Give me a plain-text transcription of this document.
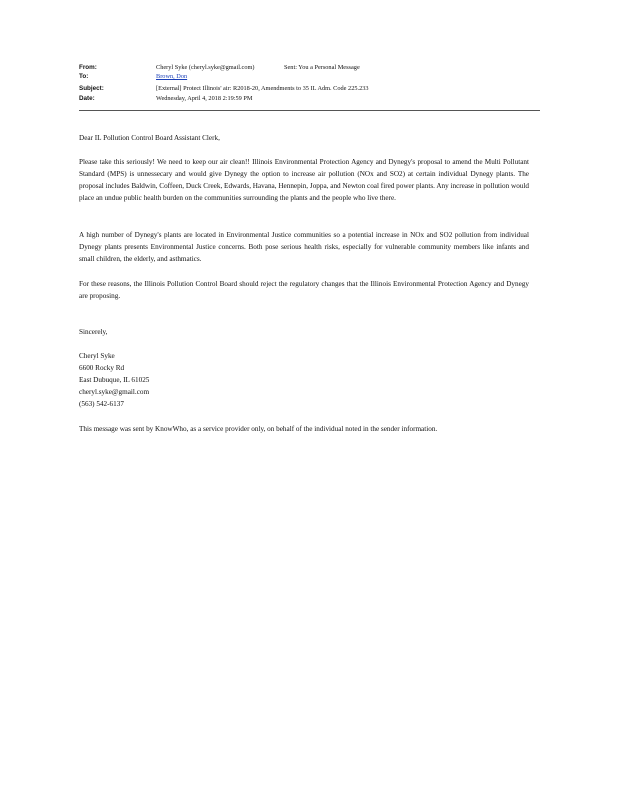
From:	Cheryl Syke (cheryl.syke@gmail.com)	Sent: You a Personal Message
To:	Brown, Don
Subject:	[External] Protect Illinois' air: R2018-20, Amendments to 35 IL Adm. Code 225.233
Date:	Wednesday, April 4, 2018 2:19:59 PM

Dear IL Pollution Control Board Assistant Clerk,

Please take this seriously! We need to keep our air clean!! Illinois Environmental Protection Agency and Dynegy's proposal to amend the Multi Pollutant Standard (MPS) is unnessecary and would give Dynegy the option to increase air pollution (NOx and SO2) at certain individual Dynegy plants. The proposal includes Baldwin, Coffeen, Duck Creek, Edwards, Havana, Hennepin, Joppa, and Newton coal fired power plants. Any increase in pollution would place an undue public health burden on the communities surrounding the plants and the people who live there.

A high number of Dynegy's plants are located in Environmental Justice communities so a potential increase in NOx and SO2 pollution from individual Dynegy plants presents Environmental Justice concerns. Both pose serious health risks, especially for vulnerable community members like infants and small children, the elderly, and asthmatics.

For these reasons, the Illinois Pollution Control Board should reject the regulatory changes that the Illinois Environmental Protection Agency and Dynegy are proposing.

Sincerely,

Cheryl Syke

6600 Rocky Rd

East Dubuque, IL 61025

cheryl.syke@gmail.com

(563) 542-6137

This message was sent by KnowWho, as a service provider only, on behalf of the individual noted in the sender information.
